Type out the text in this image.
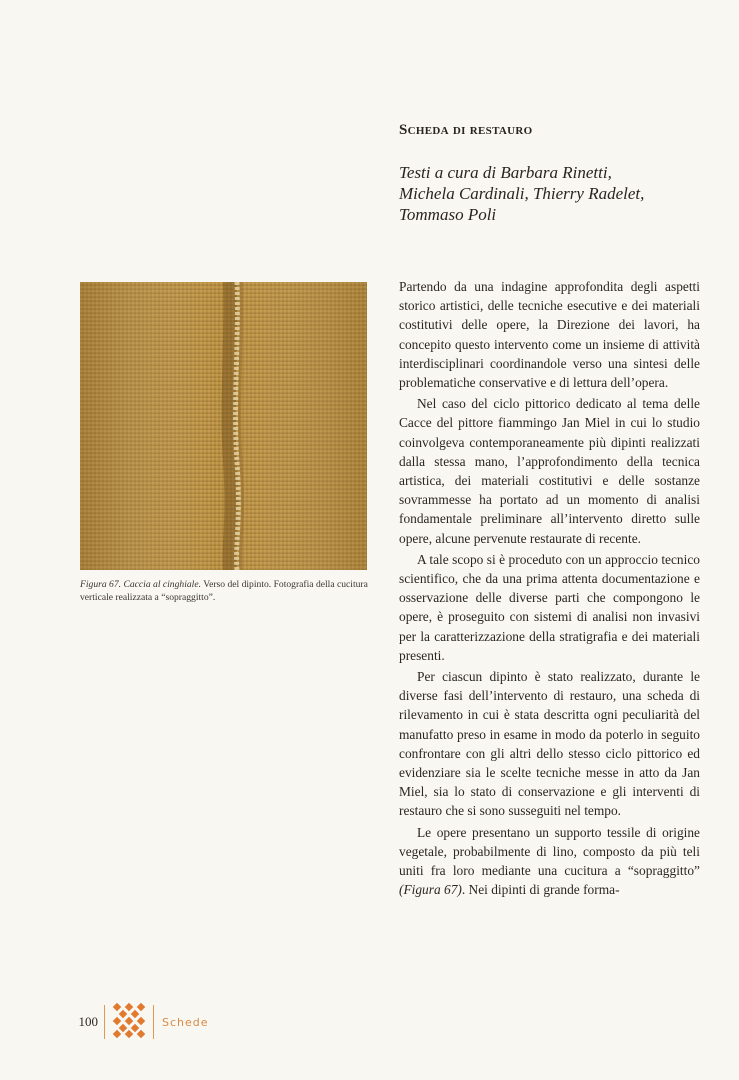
Scheda di restauro
Testi a cura di Barbara Rinetti,
Michela Cardinali, Thierry Radelet,
Tommaso Poli
Figura 67. Caccia al cinghiale. Verso del dipinto. Fotografia della cucitura verticale realizzata a “sopraggitto”.

Partendo da una indagine approfondita degli aspetti storico artistici, delle tecniche esecutive e dei materiali costitutivi delle opere, la Direzione dei lavori, ha concepito questo intervento come un insieme di attività interdisciplinari coordinandole verso una sintesi delle problematiche conservative e di lettura dell’opera.

Nel caso del ciclo pittorico dedicato al tema delle Cacce del pittore fiammingo Jan Miel in cui lo studio coinvolgeva contemporaneamente più dipinti realizzati dalla stessa mano, l’approfondimento della tecnica artistica, dei materiali costitutivi e delle sostanze sovrammesse ha portato ad un momento di analisi fondamentale preliminare all’intervento diretto sulle opere, alcune pervenute restaurate di recente.

A tale scopo si è proceduto con un approccio tecnico scientifico, che da una prima attenta documentazione e osservazione delle diverse parti che compongono le opere, è proseguito con sistemi di analisi non invasivi per la caratterizzazione della stratigrafia e dei materiali presenti.

Per ciascun dipinto è stato realizzato, durante le diverse fasi dell’intervento di restauro, una scheda di rilevamento in cui è stata descritta ogni peculiarità del manufatto preso in esame in modo da poterlo in seguito confrontare con gli altri dello stesso ciclo pittorico ed evidenziare sia le scelte tecniche messe in atto da Jan Miel, sia lo stato di conservazione e gli interventi di restauro che si sono susseguiti nel tempo.

Le opere presentano un supporto tessile di origine vegetale, probabilmente di lino, composto da più teli uniti fra loro mediante una cucitura a “sopraggitto” (Figura 67). Nei dipinti di grande forma-

100	Schede
